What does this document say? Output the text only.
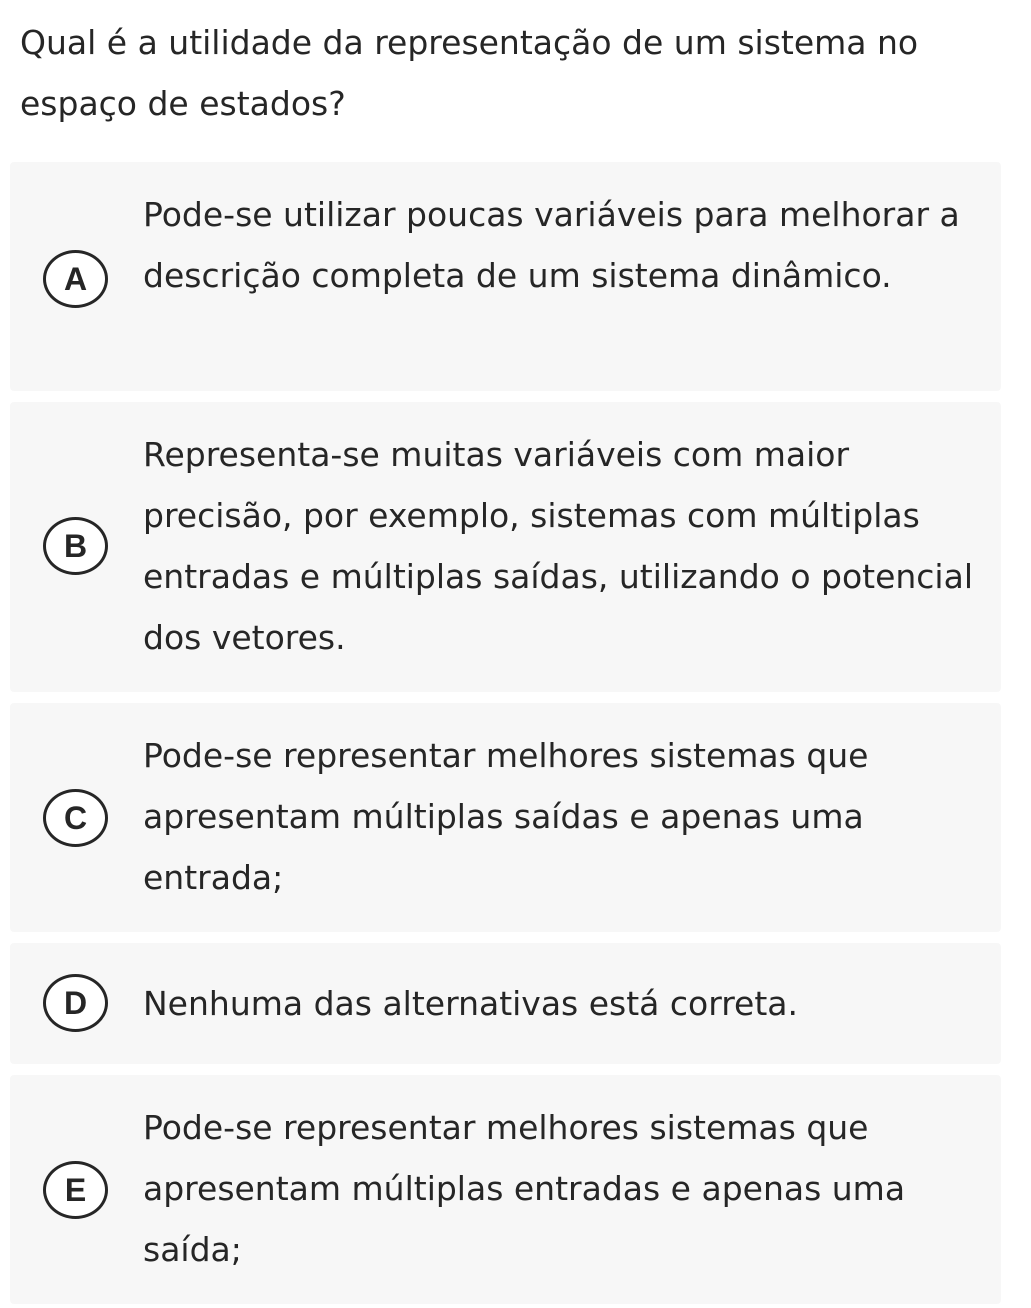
Qual é a utilidade da representação de um sistema no espaço de estados?
A

Pode-se utilizar poucas variáveis para melhorar a descrição completa de um sistema dinâmico.

B

Representa-se muitas variáveis com maior precisão, por exemplo, sistemas com múltiplas entradas e múltiplas saídas, utilizando o potencial dos vetores.

C

Pode-se representar melhores sistemas que apresentam múltiplas saídas e apenas uma entrada;

D	Nenhuma das alternativas está correta.

E

Pode-se representar melhores sistemas que apresentam múltiplas entradas e apenas uma saída;
